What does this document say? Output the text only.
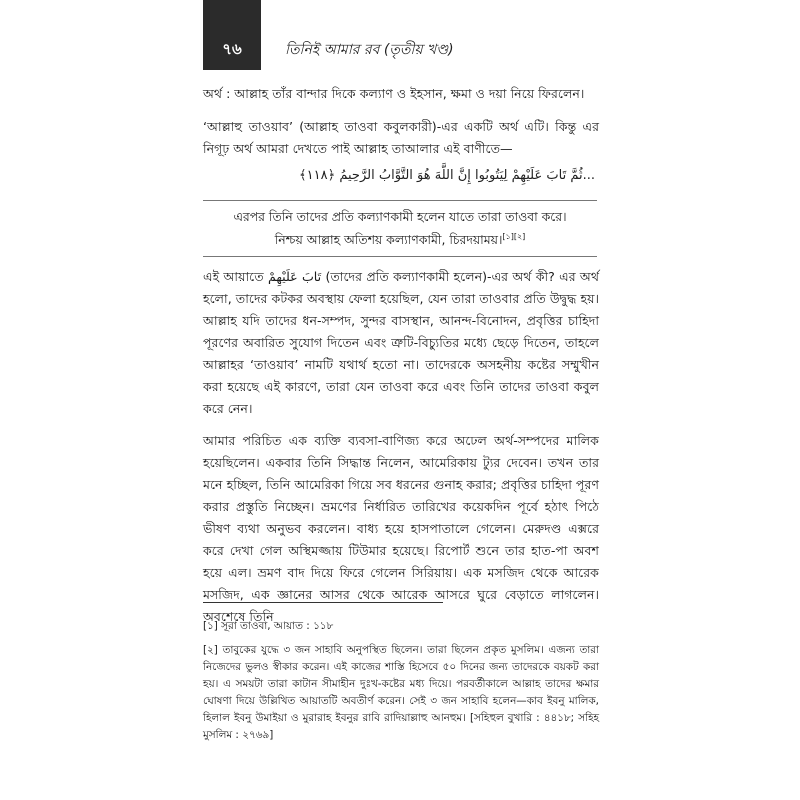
৭৬	তিনিই আমার রব (তৃতীয় খণ্ড)

অর্থ : আল্লাহ তাঁর বান্দার দিকে কল্যাণ ও ইহসান, ক্ষমা ও দয়া নিয়ে ফিরলেন।

‘আল্লাহু তাওয়াব’ (আল্লাহ তাওবা কবুলকারী)-এর একটি অর্থ এটি। কিন্তু এর নিগূঢ় অর্থ আমরা দেখতে পাই আল্লাহ তাআলার এই বাণীতে—

...ثُمَّ تَابَ عَلَيْهِمْ لِيَتُوبُوا إِنَّ اللَّهَ هُوَ التَّوَّابُ الرَّحِيمُ ﴿١١٨﴾

এরপর তিনি তাদের প্রতি কল্যাণকামী হলেন যাতে তারা তাওবা করে।

নিশ্চয় আল্লাহ অতিশয় কল্যাণকামী, চিরদয়াময়।[১][২]

এই আয়াতে تَابَ عَلَيْهِمْ (তাদের প্রতি কল্যাণকামী হলেন)-এর অর্থ কী? এর অর্থ হলো, তাদের কটকর অবস্থায় ফেলা হয়েছিল, যেন তারা তাওবার প্রতি উদ্বুদ্ধ হয়। আল্লাহ যদি তাদের ধন-সম্পদ, সুন্দর বাসস্থান, আনন্দ-বিনোদন, প্রবৃত্তির চাহিদা পূরণের অবারিত সুযোগ দিতেন এবং ত্রুটি-বিচ্যুতির মধ্যে ছেড়ে দিতেন, তাহলে আল্লাহর ‘তাওয়াব’ নামটি যথার্থ হতো না। তাদেরকে অসহনীয় কষ্টের সম্মুখীন করা হয়েছে এই কারণে, তারা যেন তাওবা করে এবং তিনি তাদের তাওবা কবুল করে নেন।

আমার পরিচিত এক ব্যক্তি ব্যবসা-বাণিজ্য করে অঢেল অর্থ-সম্পদের মালিক হয়েছিলেন। একবার তিনি সিদ্ধান্ত নিলেন, আমেরিকায় ট্যুর দেবেন। তখন তার মনে হচ্ছিল, তিনি আমেরিকা গিয়ে সব ধরনের গুনাহ করার; প্রবৃত্তির চাহিদা পূরণ করার প্রস্তুতি নিচ্ছেন। ভ্রমণের নির্ধারিত তারিখের কয়েকদিন পূর্বে হঠাৎ পিঠে ভীষণ ব্যথা অনুভব করলেন। বাধ্য হয়ে হাসপাতালে গেলেন। মেরুদণ্ড এক্সরে করে দেখা গেল অস্থিমজ্জায় টিউমার হয়েছে। রিপোর্ট শুনে তার হাত-পা অবশ হয়ে এল। ভ্রমণ বাদ দিয়ে ফিরে গেলেন সিরিয়ায়। এক মসজিদ থেকে আরেক মসজিদ, এক জ্ঞানের আসর থেকে আরেক আসরে ঘুরে বেড়াতে লাগলেন। অবশেষে তিনি

[১] সূরা তাওবা, আয়াত : ১১৮

[২] তাবুকের যুদ্ধে ৩ জন সাহাবি অনুপস্থিত ছিলেন। তারা ছিলেন প্রকৃত মুসলিম। এজন্য তারা নিজেদের ভুলও স্বীকার করেন। এই কাজের শাস্তি হিসেবে ৫০ দিনের জন্য তাদেরকে বয়কট করা হয়। এ সময়টা তারা কাটান সীমাহীন দুঃখ-কষ্টের মধ্য দিয়ে। পরবর্তীকালে আল্লাহ তাদের ক্ষমার ঘোষণা দিয়ে উল্লিখিত আয়াতটি অবতীর্ণ করেন। সেই ৩ জন সাহাবি হলেন—কাব ইবনু মালিক, হিলাল ইবনু উমাইয়া ও মুরারাহ ইবনুর রাবি রাদিয়াল্লাহু আনহুম। [সহিহুল বুখারি : ৪৪১৮; সহিহ মুসলিম : ২৭৬৯]
